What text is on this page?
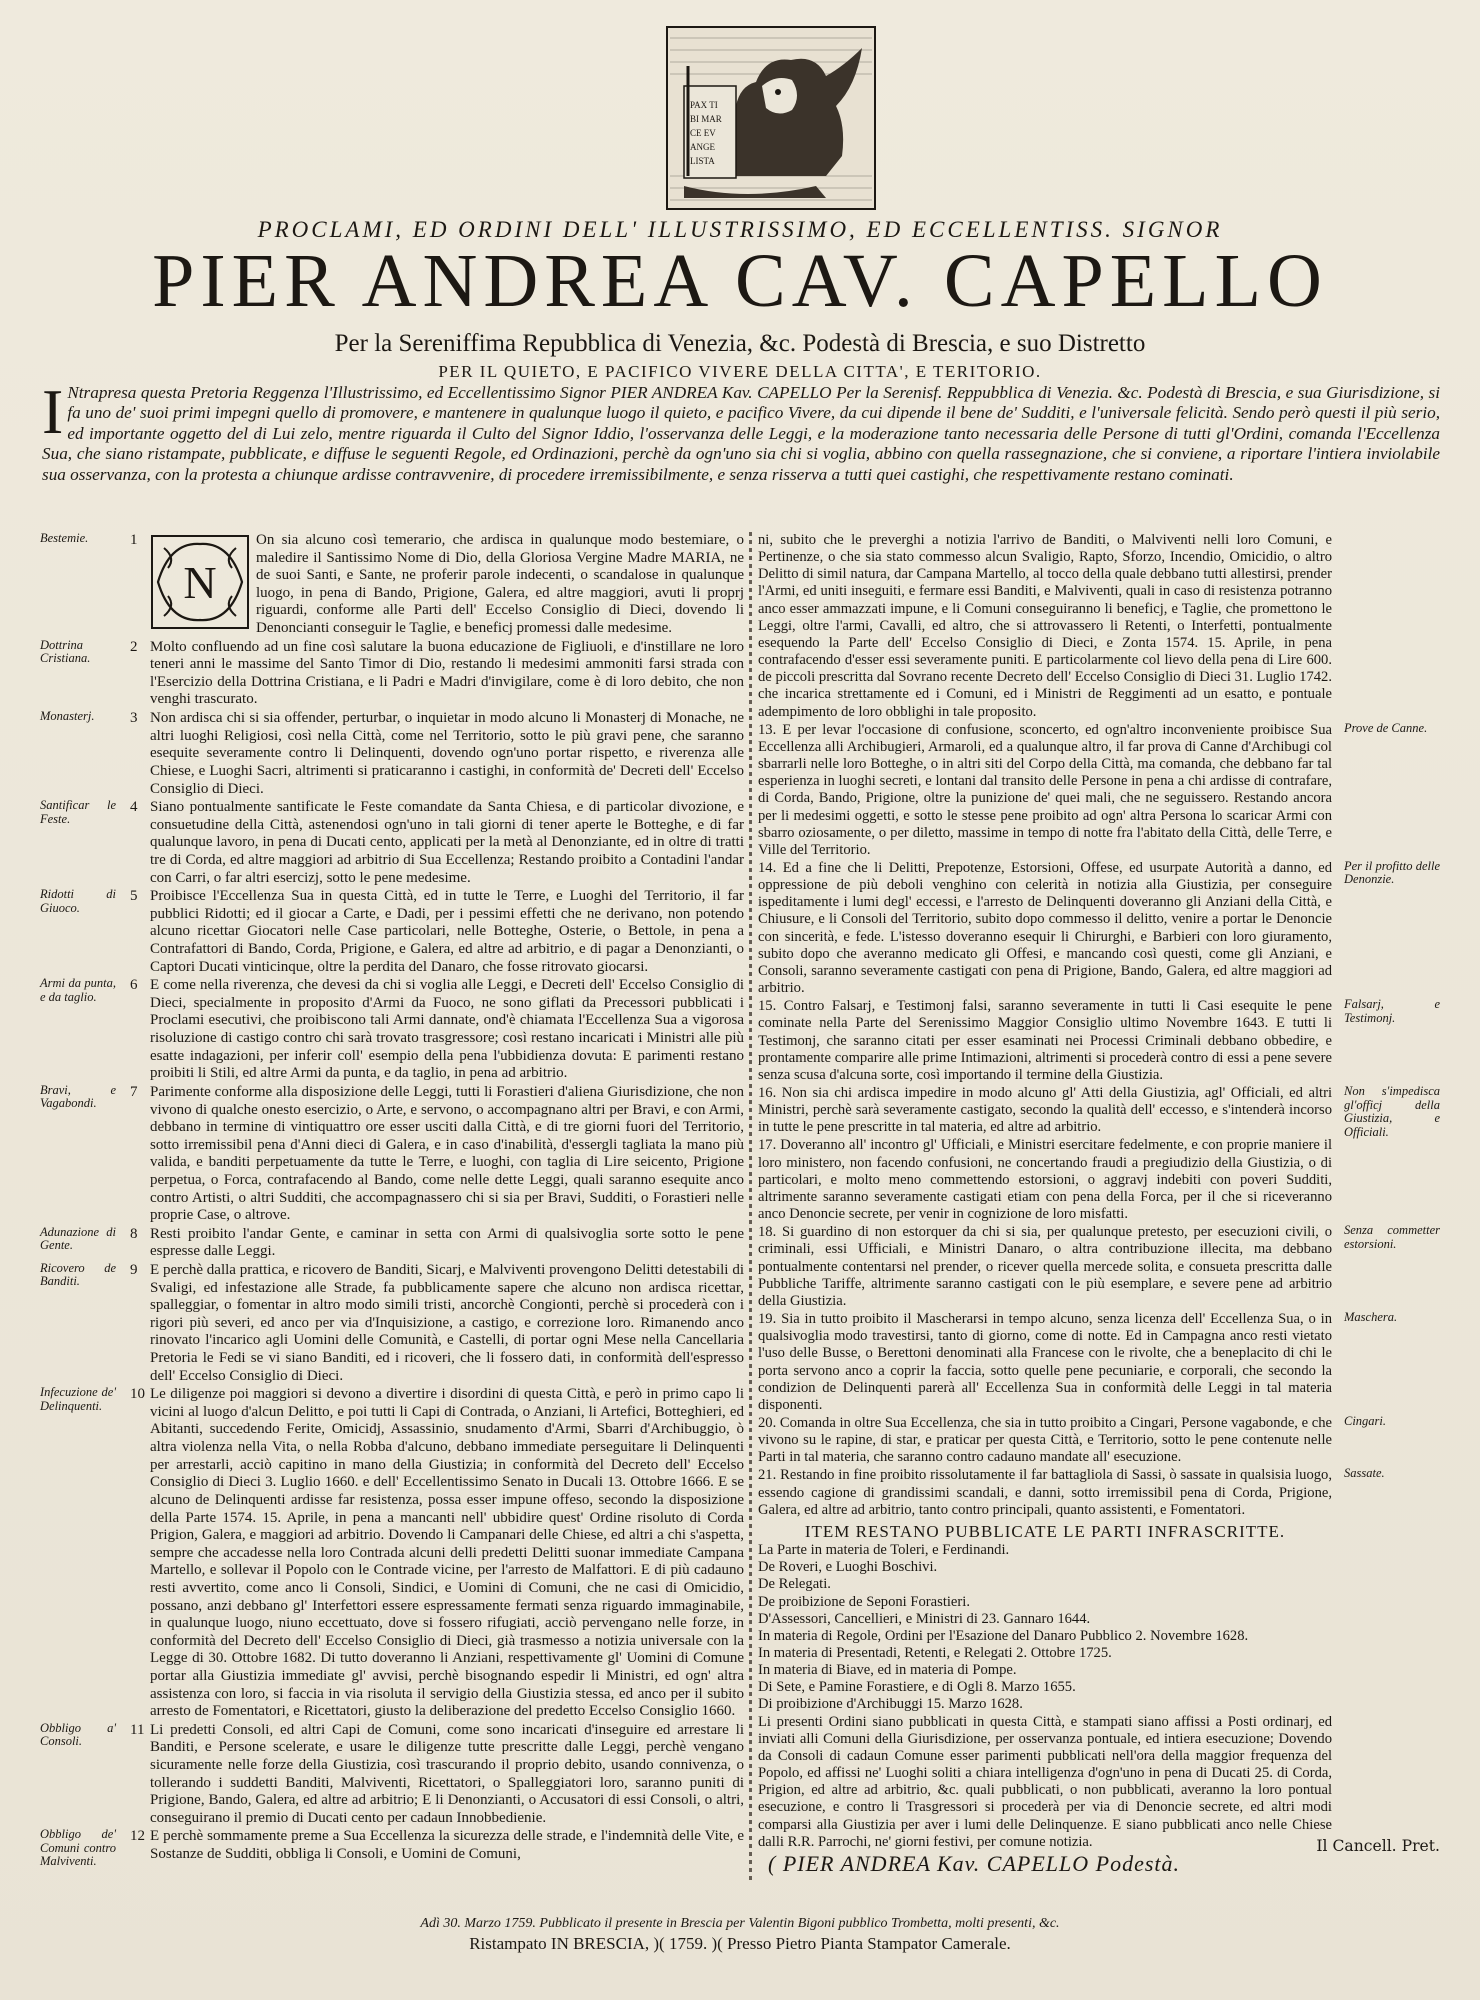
PAX TI
BI MAR
CE EV
ANGE
LISTA
PROCLAMI, ED ORDINI DELL' ILLUSTRISSIMO, ED ECCELLENTISS. SIGNOR
PIER ANDREA CAV. CAPELLO
Per la Sereniffima Repubblica di Venezia, &c. Podestà di Brescia, e suo Distretto
PER IL QUIETO, E PACIFICO VIVERE DELLA CITTA', E TERITORIO.
I Ntrapresa questa Pretoria Reggenza l'Illustrissimo, ed Eccellentissimo Signor PIER ANDREA Kav. CAPELLO Per la Serenisf. Reppubblica di Venezia. &c. Podestà di Brescia, e sua Giurisdizione, si fa uno de' suoi primi impegni quello di promovere, e mantenere in qualunque luogo il quieto, e pacifico Vivere, da cui dipende il bene de' Sudditi, e l'universale felicità. Sendo però questi il più serio, ed importante oggetto del di Lui zelo, mentre riguarda il Culto del Signor Iddio, l'osservanza delle Leggi, e la moderazione tanto necessaria delle Persone di tutti gl'Ordini, comanda l'Eccellenza Sua, che siano ristampate, pubblicate, e diffuse le seguenti Regole, ed Ordinazioni, perchè da ogn'uno sia chi si voglia, abbino con quella rassegnazione, che si conviene, a riportare l'intiera inviolabile sua osservanza, con la protesta a chiunque ardisse contravvenire, di procedere irremissibilmente, e senza risserva a tutti quei castighi, che respettivamente restano cominati.
Bestemie.	1
N
On sia alcuno così temerario, che ardisca in qualunque modo bestemiare, o maledire il Santissimo Nome di Dio, della Gloriosa Vergine Madre MARIA, ne de suoi Santi, e Sante, ne proferir parole indecenti, o scandalose in qualunque luogo, in pena di Bando, Prigione, Galera, ed altre maggiori, avuti li proprj riguardi, conforme alle Parti dell' Eccelso Consiglio di Dieci, dovendo li Denoncianti conseguir le Taglie, e beneficj promessi dalle medesime.
Dottrina Cristiana.
2 Molto confluendo ad un fine così salutare la buona educazione de Figliuoli, e d'instillare ne loro teneri anni le massime del Santo Timor di Dio, restando li medesimi ammoniti farsi strada con l'Esercizio della Dottrina Cristiana, e li Padri e Madri d'invigilare, come è di loro debito, che non venghi trascurato.
Monasterj.	3 Non ardisca chi si sia offender, perturbar, o inquietar in modo alcuno li Monasterj di Monache, ne altri luoghi Religiosi, così nella Città, come nel Territorio, sotto le più gravi pene, che saranno esequite severamente contro li Delinquenti, dovendo ogn'uno portar rispetto, e riverenza alle Chiese, e Luoghi Sacri, altrimenti si praticaranno i castighi, in conformità de' Decreti dell' Eccelso Consiglio di Dieci.
Santificar le Feste.
4 Siano pontualmente santificate le Feste comandate da Santa Chiesa, e di particolar divozione, e consuetudine della Città, astenendosi ogn'uno in tali giorni di tener aperte le Botteghe, e di far qualunque lavoro, in pena di Ducati cento, applicati per la metà al Denonziante, ed in oltre di tratti tre di Corda, ed altre maggiori ad arbitrio di Sua Eccellenza; Restando proibito a Contadini l'andar con Carri, o far altri esercizj, sotto le pene medesime.
Ridotti di Giuoco.
5 Proibisce l'Eccellenza Sua in questa Città, ed in tutte le Terre, e Luoghi del Territorio, il far pubblici Ridotti; ed il giocar a Carte, e Dadi, per i pessimi effetti che ne derivano, non potendo alcuno ricettar Giocatori nelle Case particolari, nelle Botteghe, Osterie, o Bettole, in pena a Contrafattori di Bando, Corda, Prigione, e Galera, ed altre ad arbitrio, e di pagar a Denonzianti, o Captori Ducati vinticinque, oltre la perdita del Danaro, che fosse ritrovato giocarsi.
Armi da punta, e da taglio.
6 E come nella riverenza, che devesi da chi si voglia alle Leggi, e Decreti dell' Eccelso Consiglio di Dieci, specialmente in proposito d'Armi da Fuoco, ne sono giflati da Precessori pubblicati i Proclami esecutivi, che proibiscono tali Armi dannate, ond'è chiamata l'Eccellenza Sua a vigorosa risoluzione di castigo contro chi sarà trovato trasgressore; così restano incaricati i Ministri alle più esatte indagazioni, per inferir coll' esempio della pena l'ubbidienza dovuta: E parimenti restano proibiti li Stili, ed altre Armi da punta, e da taglio, in pena ad arbitrio.
Bravi, e Vagabondi.
7 Parimente conforme alla disposizione delle Leggi, tutti li Forastieri d'aliena Giurisdizione, che non vivono di qualche onesto esercizio, o Arte, e servono, o accompagnano altri per Bravi, e con Armi, debbano in termine di vintiquattro ore esser usciti dalla Città, e di tre giorni fuori del Territorio, sotto irremissibil pena d'Anni dieci di Galera, e in caso d'inabilità, d'essergli tagliata la mano più valida, e banditi perpetuamente da tutte le Terre, e luoghi, con taglia di Lire seicento, Prigione perpetua, o Forca, contrafacendo al Bando, come nelle dette Leggi, quali saranno esequite anco contro Artisti, o altri Sudditi, che accompagnassero chi si sia per Bravi, Sudditi, o Forastieri nelle proprie Case, o altrove.
Adunazione di Gente.
8 Resti proibito l'andar Gente, e caminar in setta con Armi di qualsivoglia sorte sotto le pene espresse dalle Leggi.
Ricovero de Banditi.
9 E perchè dalla prattica, e ricovero de Banditi, Sicarj, e Malviventi provengono Delitti detestabili di Svaligi, ed infestazione alle Strade, fa pubblicamente sapere che alcuno non ardisca ricettar, spalleggiar, o fomentar in altro modo simili tristi, ancorchè Congionti, perchè si procederà con i rigori più severi, ed anco per via d'Inquisizione, a castigo, e correzione loro. Rimanendo anco rinovato l'incarico agli Uomini delle Comunità, e Castelli, di portar ogni Mese nella Cancellaria Pretoria le Fedi se vi siano Banditi, ed i ricoveri, che li fossero dati, in conformità dell'espresso dell' Eccelso Consiglio di Dieci.
Infecuzione de' Delinquenti.
10 Le diligenze poi maggiori si devono a divertire i disordini di questa Città, e però in primo capo li vicini al luogo d'alcun Delitto, e poi tutti li Capi di Contrada, o Anziani, li Artefici, Botteghieri, ed Abitanti, succedendo Ferite, Omicidj, Assassinio, snudamento d'Armi, Sbarri d'Archibuggio, ò altra violenza nella Vita, o nella Robba d'alcuno, debbano immediate perseguitare li Delinquenti per arrestarli, acciò capitino in mano della Giustizia; in conformità del Decreto dell' Eccelso Consiglio di Dieci 3. Luglio 1660. e dell' Eccellentissimo Senato in Ducali 13. Ottobre 1666. E se alcuno de Delinquenti ardisse far resistenza, possa esser impune offeso, secondo la disposizione della Parte 1574. 15. Aprile, in pena a mancanti nell' ubbidire quest' Ordine risoluto di Corda Prigion, Galera, e maggiori ad arbitrio. Dovendo li Campanari delle Chiese, ed altri a chi s'aspetta, sempre che accadesse nella loro Contrada alcuni delli predetti Delitti suonar immediate Campana Martello, e sollevar il Popolo con le Contrade vicine, per l'arresto de Malfattori. E di più cadauno resti avvertito, come anco li Consoli, Sindici, e Uomini di Comuni, che ne casi di Omicidio, possano, anzi debbano gl' Interfettori essere espressamente fermati senza riguardo immaginabile, in qualunque luogo, niuno eccettuato, dove si fossero rifugiati, acciò pervengano nelle forze, in conformità del Decreto dell' Eccelso Consiglio di Dieci, già trasmesso a notizia universale con la Legge di 30. Ottobre 1682. Di tutto doveranno li Anziani, respettivamente gl' Uomini di Comune portar alla Giustizia immediate gl' avvisi, perchè bisognando espedir li Ministri, ed ogn' altra assistenza con loro, si faccia in via risoluta il servigio della Giustizia stessa, ed anco per il subito arresto de Fomentatori, e Ricettatori, giusto la deliberazione del predetto Eccelso Consiglio 1660.
Obbligo a' Consoli.
11 Li predetti Consoli, ed altri Capi de Comuni, come sono incaricati d'inseguire ed arrestare li Banditi, e Persone scelerate, e usare le diligenze tutte prescritte dalle Leggi, perchè vengano sicuramente nelle forze della Giustizia, così trascurando il proprio debito, usando connivenza, o tollerando i suddetti Banditi, Malviventi, Ricettatori, o Spalleggiatori loro, saranno puniti di Prigione, Bando, Galera, ed altre ad arbitrio; E li Denonzianti, o Accusatori di essi Consoli, o altri, conseguirano il premio di Ducati cento per cadaun Innobbedienie.
Obbligo de' Comuni contro Malviventi.
12 E perchè sommamente preme a Sua Eccellenza la sicurezza delle strade, e l'indemnità delle Vite, e Sostanze de Sudditi, obbliga li Consoli, e Uomini de Comuni,
ni, subito che le preverghi a notizia l'arrivo de Banditi, o Malviventi nelli loro Comuni, e Pertinenze, o che sia stato commesso alcun Svaligio, Rapto, Sforzo, Incendio, Omicidio, o altro Delitto di simil natura, dar Campana Martello, al tocco della quale debbano tutti allestirsi, prender l'Armi, ed uniti inseguiti, e fermare essi Banditi, e Malviventi, quali in caso di resistenza potranno anco esser ammazzati impune, e li Comuni conseguiranno li beneficj, e Taglie, che promettono le Leggi, oltre l'armi, Cavalli, ed altro, che si attrovassero li Retenti, o Interfetti, pontualmente esequendo la Parte dell' Eccelso Consiglio di Dieci, e Zonta 1574. 15. Aprile, in pena contrafacendo d'esser essi severamente puniti. E particolarmente col lievo della pena di Lire 600. de piccoli prescritta dal Sovrano recente Decreto dell' Eccelso Consiglio di Dieci 31. Luglio 1742. che incarica strettamente ed i Comuni, ed i Ministri de Reggimenti ad un esatto, e pontuale adempimento de loro obblighi in tale proposito.
Prove de Canne.
13. E per levar l'occasione di confusione, sconcerto, ed ogn'altro inconveniente proibisce Sua Eccellenza alli Archibugieri, Armaroli, ed a qualunque altro, il far prova di Canne d'Archibugi col sbarrarli nelle loro Botteghe, o in altri siti del Corpo della Città, ma comanda, che debbano far tal esperienza in luoghi secreti, e lontani dal transito delle Persone in pena a chi ardisse di contrafare, di Corda, Bando, Prigione, oltre la punizione de' quei mali, che ne seguissero. Restando ancora per li medesimi oggetti, e sotto le stesse pene proibito ad ogn' altra Persona lo scaricar Armi con sbarro oziosamente, o per diletto, massime in tempo di notte fra l'abitato della Città, delle Terre, e Ville del Territorio.
Per il profitto delle Denonzie.
14. Ed a fine che li Delitti, Prepotenze, Estorsioni, Offese, ed usurpate Autorità a danno, ed oppressione de più deboli venghino con celerità in notizia alla Giustizia, per conseguire ispeditamente i lumi degl' eccessi, e l'arresto de Delinquenti doveranno gli Anziani della Città, e Chiusure, e li Consoli del Territorio, subito dopo commesso il delitto, venire a portar le Denoncie con sincerità, e fede. L'istesso doveranno esequir li Chirurghi, e Barbieri con loro giuramento, subito dopo che averanno medicato gli Offesi, e mancando così questi, come gli Anziani, e Consoli, saranno severamente castigati con pena di Prigione, Bando, Galera, ed altre maggiori ad arbitrio.
Falsarj, e Testimonj.
15. Contro Falsarj, e Testimonj falsi, saranno severamente in tutti li Casi esequite le pene cominate nella Parte del Serenissimo Maggior Consiglio ultimo Novembre 1643. E tutti li Testimonj, che saranno citati per esser esaminati nei Processi Criminali debbano obbedire, e prontamente comparire alle prime Intimazioni, altrimenti si procederà contro di essi a pene severe senza scusa d'alcuna sorte, così importando il termine della Giustizia.
Non s'impedisca gl'officj della Giustizia, e Officiali.
16. Non sia chi ardisca impedire in modo alcuno gl' Atti della Giustizia, agl' Officiali, ed altri Ministri, perchè sarà severamente castigato, secondo la qualità dell' eccesso, e s'intenderà incorso in tutte le pene prescritte in tal materia, ed altre ad arbitrio.
17. Doveranno all' incontro gl' Ufficiali, e Ministri esercitare fedelmente, e con proprie maniere il loro ministero, non facendo confusioni, ne concertando fraudi a pregiudizio della Giustizia, o di particolari, e molto meno commettendo estorsioni, o aggravj indebiti con poveri Sudditi, altrimente saranno severamente castigati etiam con pena della Forca, per il che si riceveranno anco Denoncie secrete, per venir in cognizione de loro misfatti.
Senza commetter estorsioni.
18. Si guardino di non estorquer da chi si sia, per qualunque pretesto, per esecuzioni civili, o criminali, essi Ufficiali, e Ministri Danaro, o altra contribuzione illecita, ma debbano pontualmente contentarsi nel prender, o ricever quella mercede solita, e consueta prescritta dalle Pubbliche Tariffe, altrimente saranno castigati con le più esemplare, e severe pene ad arbitrio della Giustizia.
Maschera.
19. Sia in tutto proibito il Mascherarsi in tempo alcuno, senza licenza dell' Eccellenza Sua, o in qualsivoglia modo travestirsi, tanto di giorno, come di notte. Ed in Campagna anco resti vietato l'uso delle Busse, o Berettoni denominati alla Francese con le rivolte, che a beneplacito di chi le porta servono anco a coprir la faccia, sotto quelle pene pecuniarie, e corporali, che secondo la condizion de Delinquenti parerà all' Eccellenza Sua in conformità delle Leggi in tal materia disponenti.
Cingari.
20. Comanda in oltre Sua Eccellenza, che sia in tutto proibito a Cingari, Persone vagabonde, e che vivono su le rapine, di star, e praticar per questa Città, e Territorio, sotto le pene contenute nelle Parti in tal materia, che saranno contro cadauno mandate all' esecuzione.
Sassate.
21. Restando in fine proibito rissolutamente il far battagliola di Sassi, ò sassate in qualsisia luogo, essendo cagione di grandissimi scandali, e danni, sotto irremissibil pena di Corda, Prigione, Galera, ed altre ad arbitrio, tanto contro principali, quanto assistenti, e Fomentatori.
ITEM RESTANO PUBBLICATE LE PARTI INFRASCRITTE.
La Parte in materia de Toleri, e Ferdinandi.
De Roveri, e Luoghi Boschivi.
De Relegati.
De proibizione de Seponi Forastieri.
D'Assessori, Cancellieri, e Ministri di 23. Gannaro 1644.
In materia di Regole, Ordini per l'Esazione del Danaro Pubblico 2. Novembre 1628.
In materia di Presentadi, Retenti, e Relegati 2. Ottobre 1725.
In materia di Biave, ed in materia di Pompe.
Di Sete, e Pamine Forastiere, e di Ogli 8. Marzo 1655.
Di proibizione d'Archibuggi 15. Marzo 1628.
Li presenti Ordini siano pubblicati in questa Città, e stampati siano affissi a Posti ordinarj, ed inviati alli Comuni della Giurisdizione, per osservanza pontuale, ed intiera esecuzione; Dovendo da Consoli di cadaun Comune esser parimenti pubblicati nell'ora della maggior frequenza del Popolo, ed affissi ne' Luoghi soliti a chiara intelligenza d'ogn'uno in pena di Ducati 25. di Corda, Prigion, ed altre ad arbitrio, &c. quali pubblicati, o non pubblicati, averanno la loro pontual esecuzione, e contro li Trasgressori si procederà per via di Denoncie secrete, ed altri modi comparsi alla Giustizia per aver i lumi delle Delinquenze. E siano pubblicati anco nelle Chiese dalli R.R. Parrochi, ne' giorni festivi, per comune notizia.
( PIER ANDREA Kav. CAPELLO Podestà.
Il Cancell. Pret.
Adì 30. Marzo 1759. Pubblicato il presente in Brescia per Valentin Bigoni pubblico Trombetta, molti presenti, &c.
Ristampato IN BRESCIA, )( 1759. )( Presso Pietro Pianta Stampator Camerale.
